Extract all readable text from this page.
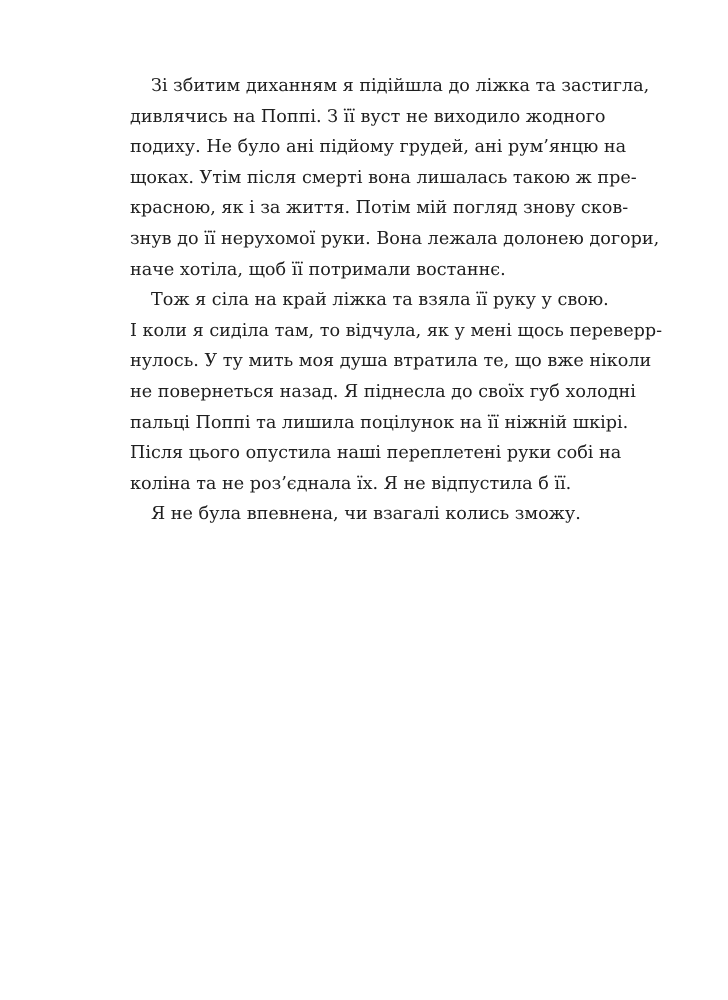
Зі збитим диханням я підійшла до ліжка та застигла,
дивлячись на Поппі. З її вуст не виходило жодного
подиху. Не було ані підйому грудей, ані рум’янцю на
щоках. Утім після смерті вона лишалась такою ж пре-
красною, як і за життя. Потім мій погляд знову сков-
знув до її нерухомої руки. Вона лежала долонею догори,
наче хотіла, щоб її потримали востаннє.
Тож я сіла на край ліжка та взяла її руку у свою.
І коли я сиділа там, то відчула, як у мені щось переверр-
нулось. У ту мить моя душа втратила те, що вже ніколи
не повернеться назад. Я піднесла до своїх губ холодні
пальці Поппі та лишила поцілунок на її ніжній шкірі.
Після цього опустила наші переплетені руки собі на
коліна та не роз’єднала їх. Я не відпустила б її.
Я не була впевнена, чи взагалі колись зможу.
